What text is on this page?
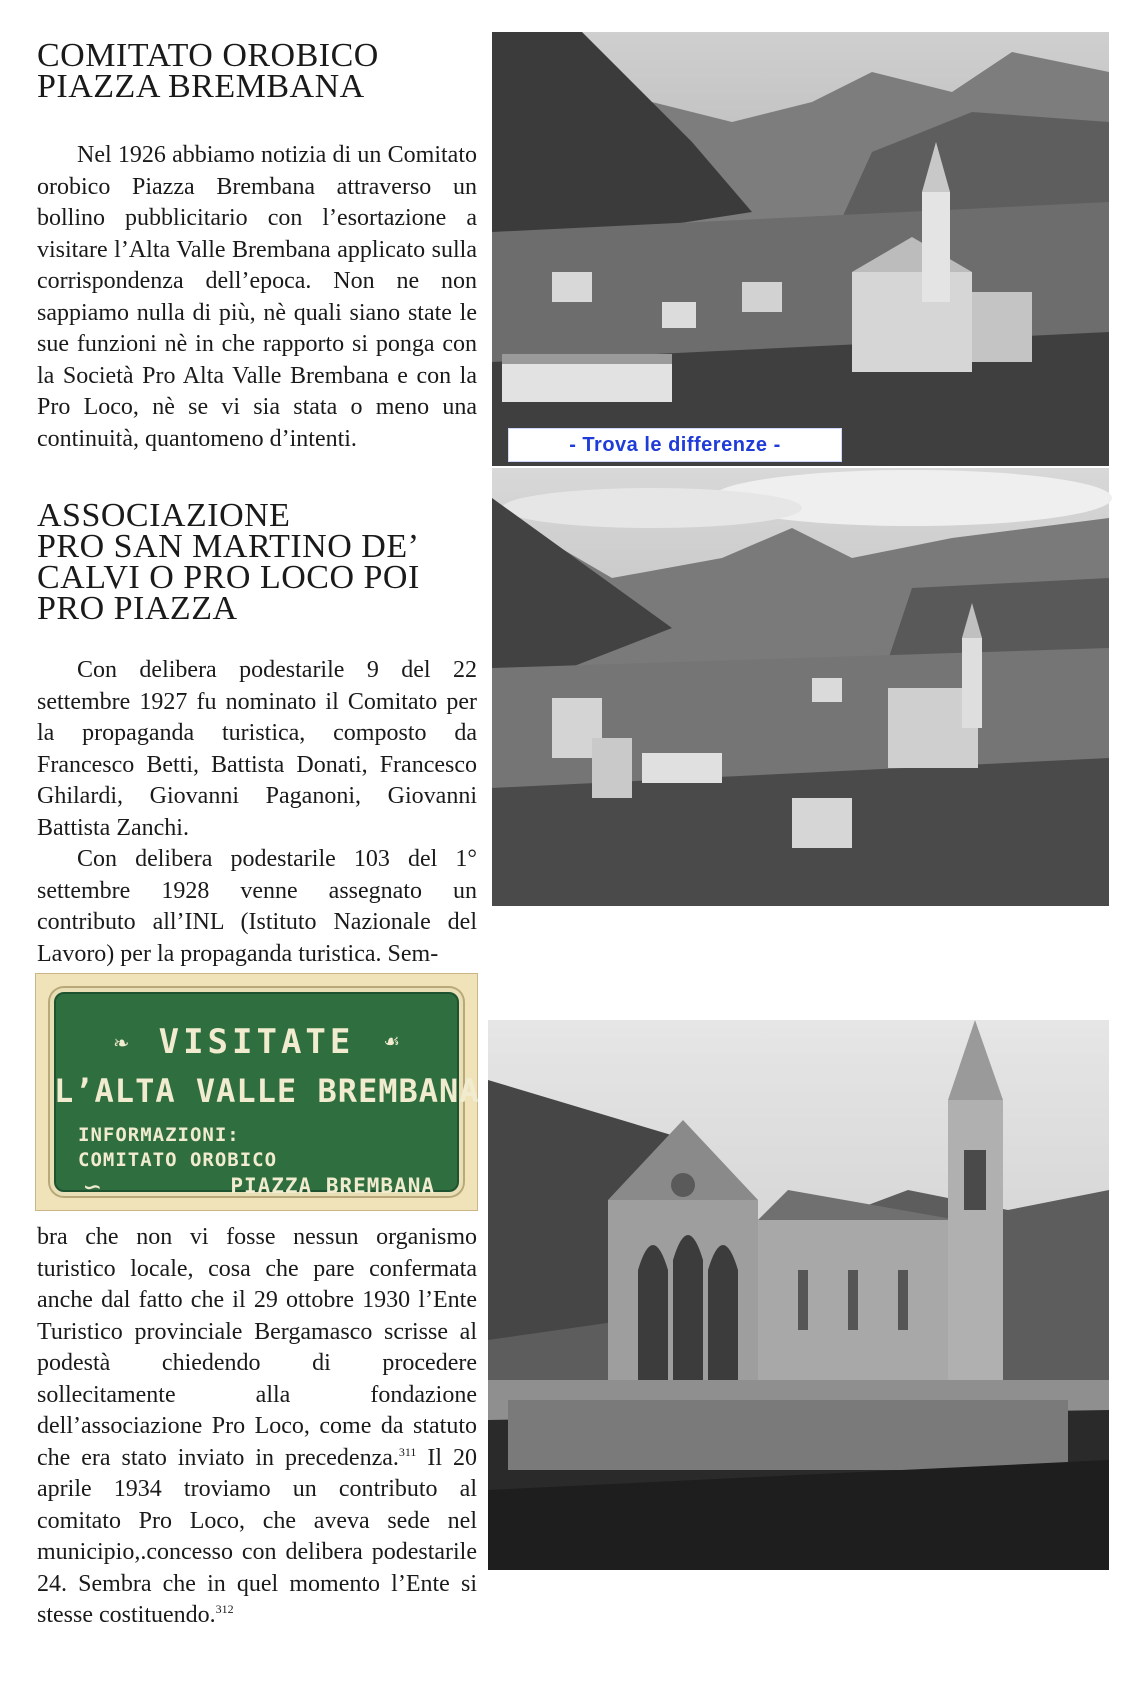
COMITATO OROBICO
PIAZZA BREMBANA

Nel 1926 abbiamo notizia di un Comitato orobico Piazza Brembana attraverso un bollino pubblicitario con l’esortazione a visitare l’Alta Valle Brembana applicato sulla corrispondenza dell’epoca. Non ne non sappiamo nulla di più, nè quali siano state le sue funzioni nè in che rapporto si ponga con la Società Pro Alta Valle Brembana e con la Pro Loco, nè se vi sia stata o meno una continuità, quantomeno d’intenti.

ASSOCIAZIONE
PRO SAN MARTINO DE’
CALVI O PRO LOCO POI
PRO PIAZZA

Con delibera podestarile 9 del 22 settembre 1927 fu nominato il Comitato per la propaganda turistica, composto da Francesco Betti, Battista Donati, Francesco Ghilardi, Giovanni Paganoni, Giovanni Battista Zanchi.

Con delibera podestarile 103 del 1° settembre 1928 venne assegnato un contributo all’INL (Istituto Nazionale del Lavoro) per la propaganda turistica. Sem-

bra che non vi fosse nessun organismo turistico locale, cosa che pare confermata anche dal fatto che il 29 ottobre 1930 l’Ente Turistico provinciale Bergamasco scrisse al podestà chiedendo di procedere sollecitamente alla fondazione dell’associazione Pro Loco, come da statuto che era stato inviato in precedenza.$^{311}$ Il 20 aprile 1934 troviamo un contributo al comitato Pro Loco, che aveva sede nel municipio,.concesso con delibera podestarile 24. Sembra che in quel momento l’Ente si stesse costituendo.$^{312}$

❧	☙
VISITATE
L’ALTA VALLE BREMBANA
INFORMAZIONI:
COMITATO OROBICO
∽	PIAZZA BREMBANA
- Trova le differenze -
